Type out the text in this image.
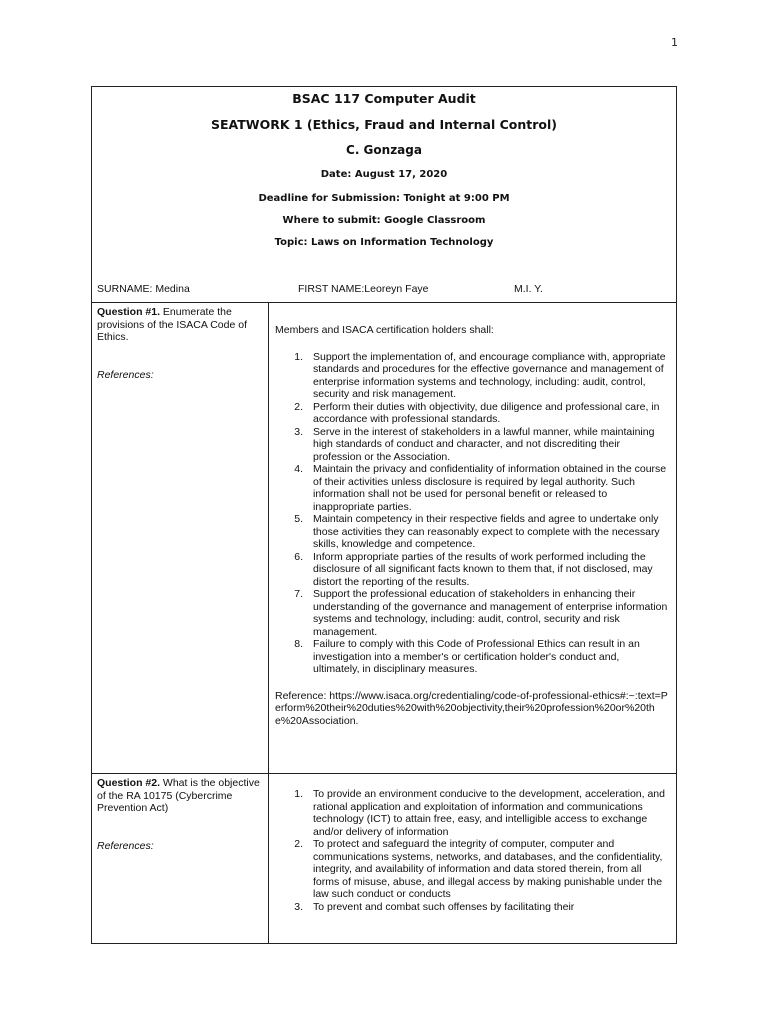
1
BSAC 117 Computer Audit
SEATWORK 1 (Ethics, Fraud and Internal Control)
C. Gonzaga
Date: August 17, 2020
Deadline for Submission: Tonight at 9:00 PM
Where to submit: Google Classroom
Topic: Laws on Information Technology
SURNAME: Medina	FIRST NAME:Leoreyn Faye	M.I. Y.
Question #1. Enumerate the provisions of the ISACA Code of Ethics.

References:
Members and ISACA certification holders shall:
1. Support the implementation of, and encourage compliance with, appropriate standards and procedures for the effective governance and management of enterprise information systems and technology, including: audit, control, security and risk management.
2. Perform their duties with objectivity, due diligence and professional care, in accordance with professional standards.
3. Serve in the interest of stakeholders in a lawful manner, while maintaining high standards of conduct and character, and not discrediting their profession or the Association.
4. Maintain the privacy and confidentiality of information obtained in the course of their activities unless disclosure is required by legal authority. Such information shall not be used for personal benefit or released to inappropriate parties.
5. Maintain competency in their respective fields and agree to undertake only those activities they can reasonably expect to complete with the necessary skills, knowledge and competence.
6. Inform appropriate parties of the results of work performed including the disclosure of all significant facts known to them that, if not disclosed, may distort the reporting of the results.
7. Support the professional education of stakeholders in enhancing their understanding of the governance and management of enterprise information systems and technology, including: audit, control, security and risk management.
8. Failure to comply with this Code of Professional Ethics can result in an investigation into a member's or certification holder's conduct and, ultimately, in disciplinary measures.
Reference: https://www.isaca.org/credentialing/code-of-professional-ethics#:~:text=Perform%20their%20duties%20with%20objectivity,their%20profession%20or%20the%20Association.
Question #2. What is the objective of the RA 10175 (Cybercrime Prevention Act)

References:
1. To provide an environment conducive to the development, acceleration, and rational application and exploitation of information and communications technology (ICT) to attain free, easy, and intelligible access to exchange and/or delivery of information
2. To protect and safeguard the integrity of computer, computer and communications systems, networks, and databases, and the confidentiality, integrity, and availability of information and data stored therein, from all forms of misuse, abuse, and illegal access by making punishable under the law such conduct or conducts
3. To prevent and combat such offenses by facilitating their
